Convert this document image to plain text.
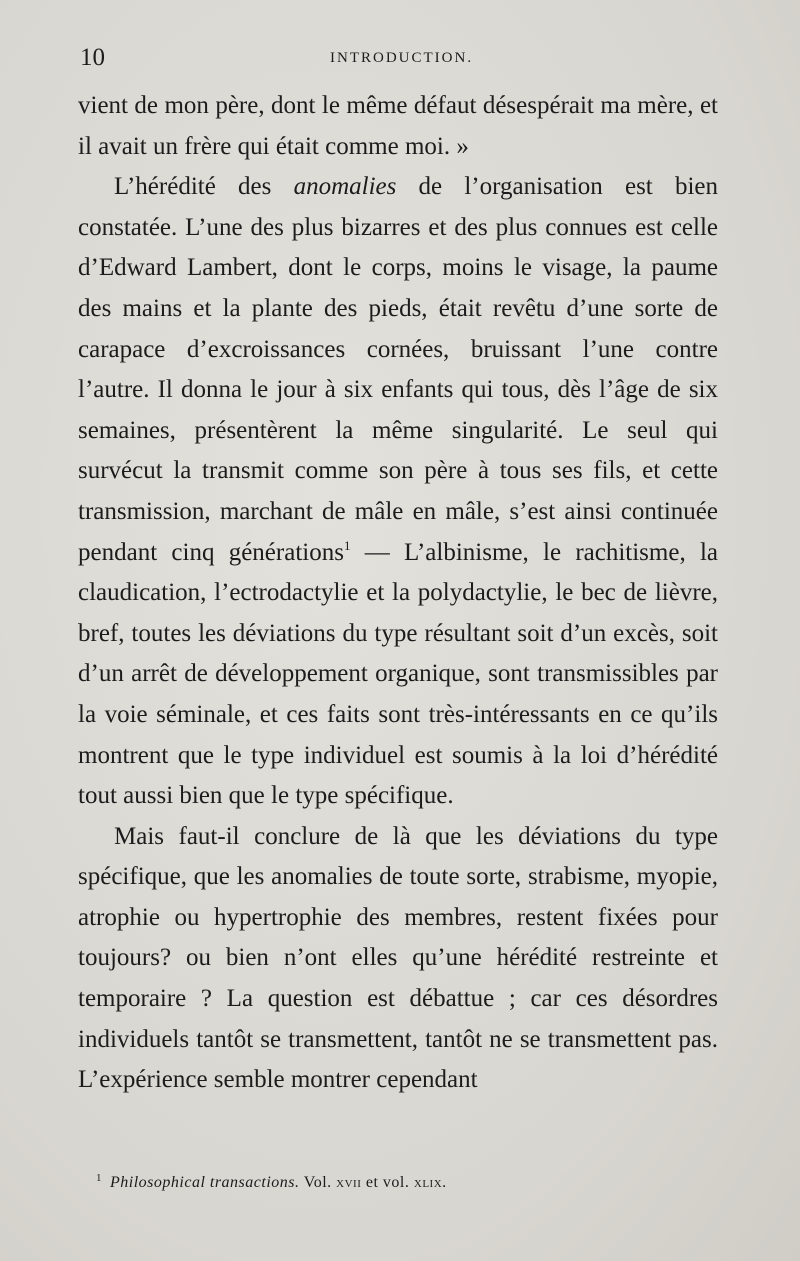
10	INTRODUCTION.

vient de mon père, dont le même défaut désespérait ma mère, et il avait un frère qui était comme moi. »

L’hérédité des anomalies de l’organisation est bien constatée. L’une des plus bizarres et des plus connues est celle d’Edward Lambert, dont le corps, moins le visage, la paume des mains et la plante des pieds, était revêtu d’une sorte de carapace d’excroissances cornées, bruissant l’une contre l’autre. Il donna le jour à six enfants qui tous, dès l’âge de six semaines, présentèrent la même singularité. Le seul qui survécut la transmit comme son père à tous ses fils, et cette transmission, marchant de mâle en mâle, s’est ainsi continuée pendant cinq générations$^1$ — L’albinisme, le rachitisme, la claudication, l’ectrodactylie et la polydactylie, le bec de lièvre, bref, toutes les déviations du type résultant soit d’un excès, soit d’un arrêt de développement organique, sont transmissibles par la voie séminale, et ces faits sont très-intéressants en ce qu’ils montrent que le type individuel est soumis à la loi d’hérédité tout aussi bien que le type spécifique.

Mais faut-il conclure de là que les déviations du type spécifique, que les anomalies de toute sorte, strabisme, myopie, atrophie ou hypertrophie des membres, restent fixées pour toujours? ou bien n’ont elles qu’une hérédité restreinte et temporaire ? La question est débattue ; car ces désordres individuels tantôt se transmettent, tantôt ne se transmettent pas. L’expérience semble montrer cependant

$^1$ Philosophical transactions. Vol. xvii et vol. xlix.
